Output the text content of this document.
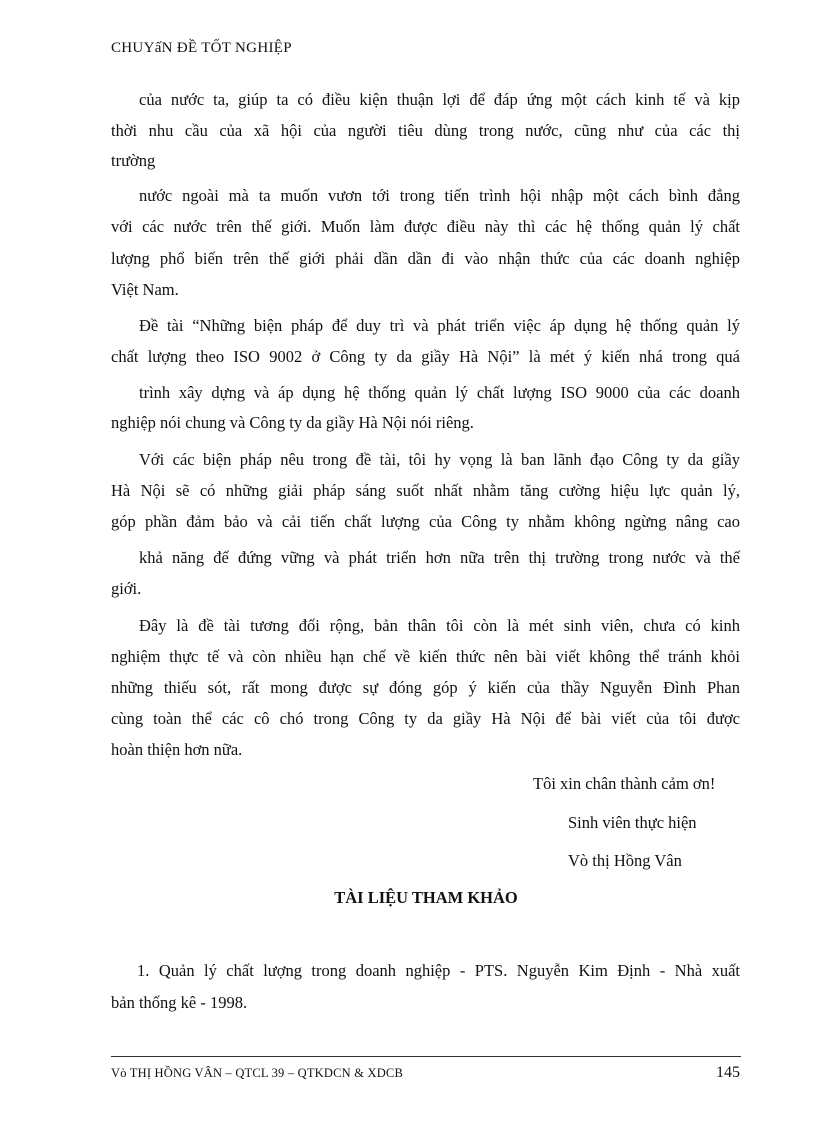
CHUYấN ĐỀ TỐT NGHIỆP
của nước ta, giúp ta có điều kiện thuận lợi để đáp ứng một cách kinh tế và kịp
thời nhu cầu của xã hội của người tiêu dùng trong nước, cũng như của các thị
trường
nước ngoài mà ta muốn vươn tới trong tiến trình hội nhập một cách bình đẳng
với các nước trên thế giới. Muốn làm được điều này thì các hệ thống quản lý chất
lượng phổ biến trên thế giới phải dần dần đi vào nhận thức của các doanh nghiệp
Việt Nam.
Đề tài “Những biện pháp để duy trì và phát triển việc áp dụng hệ thống quản lý
chất lượng theo ISO 9002 ở Công ty da giầy Hà Nội” là mét ý kiến nhá trong quá
trình xây dựng và áp dụng hệ thống quản lý chất lượng ISO 9000 của các doanh
nghiệp nói chung và Công ty da giầy Hà Nội nói riêng.
Với các biện pháp nêu trong đề tài, tôi hy vọng là ban lãnh đạo Công ty da giầy
Hà Nội sẽ có những giải pháp sáng suốt nhất nhằm tăng cường hiệu lực quản lý,
góp phần đảm bảo và cải tiến chất lượng của Công ty nhằm không ngừng nâng cao
khả năng để đứng vững và phát triển hơn nữa trên thị trường trong nước và thế
giới.
Đây là đề tài tương đối rộng, bản thân tôi còn là mét sinh viên, chưa có kinh
nghiệm thực tế và còn nhiều hạn chế về kiến thức nên bài viết không thể tránh khỏi
những thiếu sót, rất mong được sự đóng góp ý kiến của thầy Nguyễn Đình Phan
cùng toàn thể các cô chó trong Công ty da giầy Hà Nội để bài viết của tôi được
hoàn thiện hơn nữa.
Tôi xin chân thành cảm ơn!
Sinh viên thực hiện
Vò thị Hồng Vân
TÀI LIỆU THAM KHẢO
1. Quản lý chất lượng trong doanh nghiệp - PTS. Nguyễn Kim Định - Nhà xuất
bản thống kê - 1998.
Vò THỊ HỒNG VÂN – QTCL 39 – QTKDCN & XDCB	145
